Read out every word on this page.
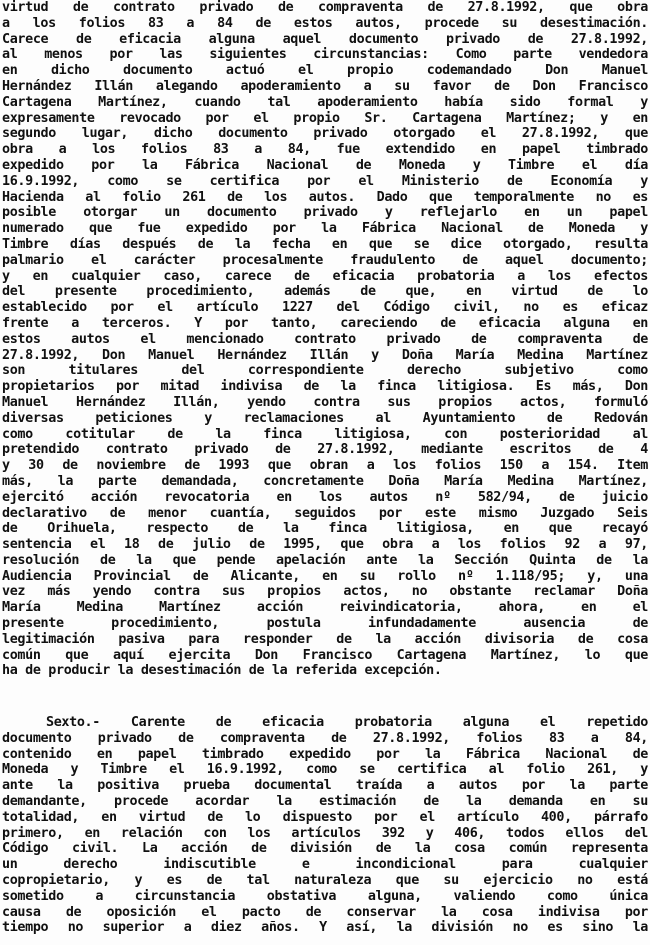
virtud de contrato privado de compraventa de 27.8.1992, que obra
a los folios 83 a 84 de estos autos, procede su desestimación.
Carece de eficacia alguna aquel documento privado de 27.8.1992,
al menos por las siguientes circunstancias: Como parte vendedora
en dicho documento actuó el propio codemandado Don Manuel
Hernández Illán alegando apoderamiento a su favor de Don Francisco
Cartagena Martínez, cuando tal apoderamiento había sido formal y
expresamente revocado por el propio Sr. Cartagena Martínez; y en
segundo lugar, dicho documento privado otorgado el 27.8.1992, que
obra a los folios 83 a 84, fue extendido en papel timbrado
expedido por la Fábrica Nacional de Moneda y Timbre el día
16.9.1992, como se certifica por el Ministerio de Economía y
Hacienda al folio 261 de los autos. Dado que temporalmente no es
posible otorgar un documento privado y reflejarlo en un papel
numerado que fue expedido por la Fábrica Nacional de Moneda y
Timbre días después de la fecha en que se dice otorgado, resulta
palmario el carácter procesalmente fraudulento de aquel documento;
y en cualquier caso, carece de eficacia probatoria a los efectos
del presente procedimiento, además de que, en virtud de lo
establecido por el artículo 1227 del Código civil, no es eficaz
frente a terceros. Y por tanto, careciendo de eficacia alguna en
estos autos el mencionado contrato privado de compraventa de
27.8.1992, Don Manuel Hernández Illán y Doña María Medina Martínez
son titulares del correspondiente derecho subjetivo como
propietarios por mitad indivisa de la finca litigiosa. Es más, Don
Manuel Hernández Illán, yendo contra sus propios actos, formuló
diversas peticiones y reclamaciones al Ayuntamiento de Redován
como cotitular de la finca litigiosa, con posterioridad al
pretendido contrato privado de 27.8.1992, mediante escritos de 4
y 30 de noviembre de 1993 que obran a los folios 150 a 154. Item
más, la parte demandada, concretamente Doña María Medina Martínez,
ejercitó acción revocatoria en los autos nº 582/94, de juicio
declarativo de menor cuantía, seguidos por este mismo Juzgado Seis
de Orihuela, respecto de la finca litigiosa, en que recayó
sentencia el 18 de julio de 1995, que obra a los folios 92 a 97,
resolución de la que pende apelación ante la Sección Quinta de la
Audiencia Provincial de Alicante, en su rollo nº 1.118/95; y, una
vez más yendo contra sus propios actos, no obstante reclamar Doña
María Medina Martínez acción reivindicatoria, ahora, en el
presente procedimiento, postula infundadamente ausencia de
legitimación pasiva para responder de la acción divisoria de cosa
común que aquí ejercita Don Francisco Cartagena Martínez, lo que
ha de producir la desestimación de la referida excepción.
Sexto.- Carente de eficacia probatoria alguna el repetido
documento privado de compraventa de 27.8.1992, folios 83 a 84,
contenido en papel timbrado expedido por la Fábrica Nacional de
Moneda y Timbre el 16.9.1992, como se certifica al folio 261, y
ante la positiva prueba documental traída a autos por la parte
demandante, procede acordar la estimación de la demanda en su
totalidad, en virtud de lo dispuesto por el artículo 400, párrafo
primero, en relación con los artículos 392 y 406, todos ellos del
Código civil. La acción de división de la cosa común representa
un derecho indiscutible e incondicional para cualquier
copropietario, y es de tal naturaleza que su ejercicio no está
sometido a circunstancia obstativa alguna, valiendo como única
causa de oposición el pacto de conservar la cosa indivisa por
tiempo no superior a diez años. Y así, la división no es sino la
